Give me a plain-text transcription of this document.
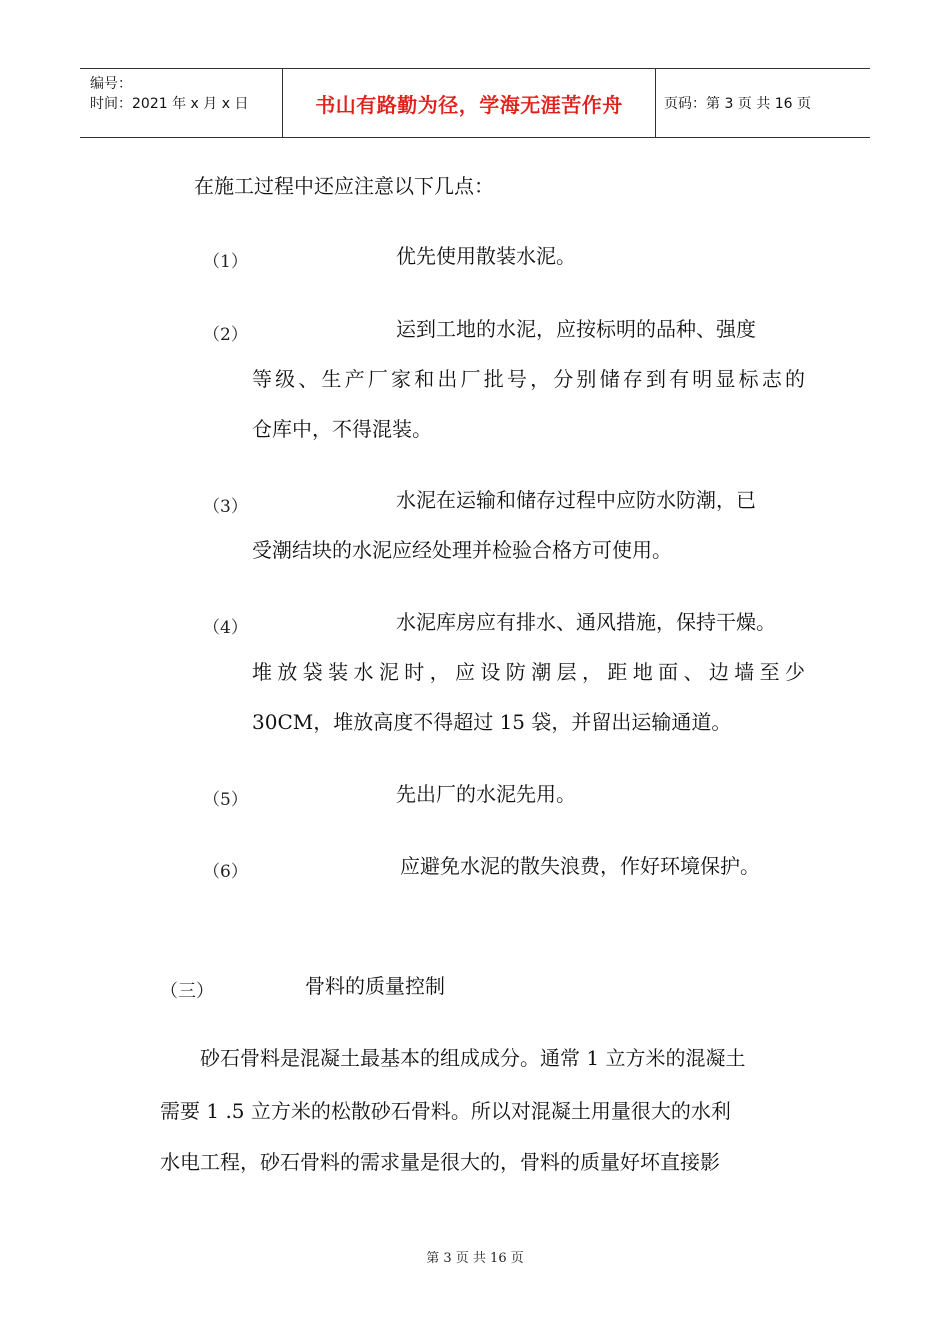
编号：
时间：2021 年 x 月 x 日	书山有路勤为径，学海无涯苦作舟	页码：第 3 页 共 16 页
在施工过程中还应注意以下几点：
（1）	优先使用散装水泥。
（2）	运到工地的水泥，应按标明的品种、强度
等级、生产厂家和出厂批号，分别储存到有明显标志的
仓库中，不得混装。
（3）	水泥在运输和储存过程中应防水防潮，已
受潮结块的水泥应经处理并检验合格方可使用。
（4）	水泥库房应有排水、通风措施，保持干燥。
堆放袋装水泥时，应设防潮层，距地面、边墙至少
30CM，堆放高度不得超过 15 袋，并留出运输通道。
（5）	先出厂的水泥先用。
（6）	应避免水泥的散失浪费，作好环境保护。
（三）	骨料的质量控制
砂石骨料是混凝土最基本的组成成分。通常 1 立方米的混凝土
需要 1 .5 立方米的松散砂石骨料。所以对混凝土用量很大的水利
水电工程，砂石骨料的需求量是很大的，骨料的质量好坏直接影
第 3 页 共 16 页
